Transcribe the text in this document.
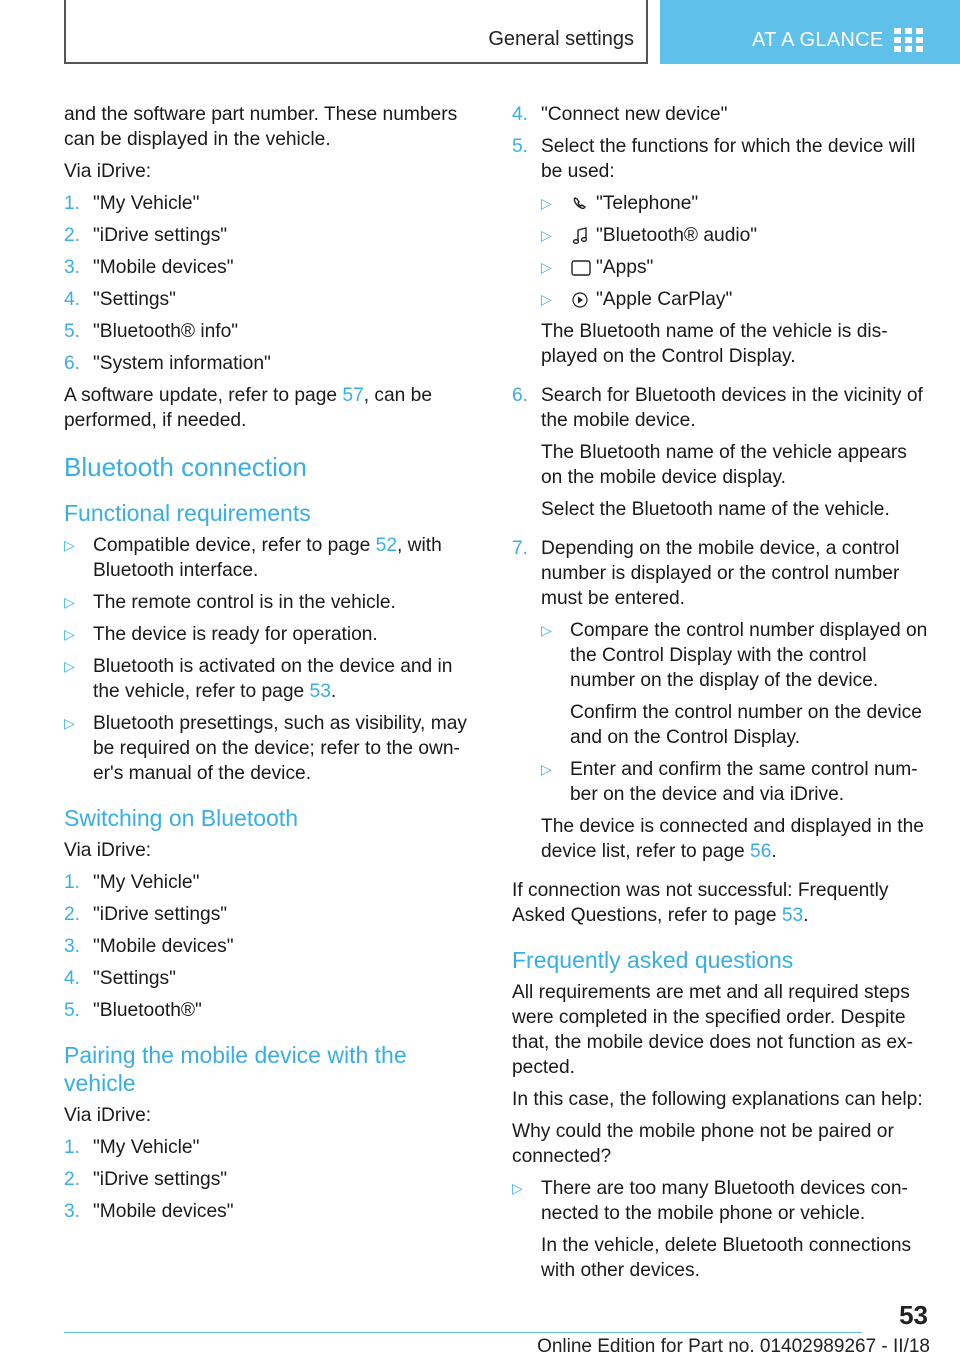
General settings	AT A GLANCE

and the software part number. These numbers can be displayed in the vehicle.

Via iDrive:

1. "My Vehicle"
2. "iDrive settings"
3. "Mobile devices"
4. "Settings"
5. "Bluetooth® info"
6. "System information"

A software update, refer to page 57, can be performed, if needed.

Bluetooth connection
Functional requirements
▷ Compatible device, refer to page 52, with Bluetooth interface.
▷ The remote control is in the vehicle.
▷ The device is ready for operation.
▷ Bluetooth is activated on the device and in the vehicle, refer to page 53.
▷ Bluetooth presettings, such as visibility, may be required on the device; refer to the own-er's manual of the device.
Switching on Bluetooth

Via iDrive:

1. "My Vehicle"
2. "iDrive settings"
3. "Mobile devices"
4. "Settings"
5. "Bluetooth®"
Pairing the mobile device with the vehicle

Via iDrive:

1. "My Vehicle"
2. "iDrive settings"
3. "Mobile devices"
4. "Connect new device"
5. Select the functions for which the device will be used:

▷	"Telephone"
▷	"Bluetooth® audio"
▷	"Apps"
▷	"Apple CarPlay"

The Bluetooth name of the vehicle is dis-played on the Control Display.

6. Search for Bluetooth devices in the vicinity of the mobile device.

The Bluetooth name of the vehicle appears on the mobile device display.

Select the Bluetooth name of the vehicle.

7. Depending on the mobile device, a control number is displayed or the control number must be entered.

▷ Compare the control number displayed on the Control Display with the control number on the display of the device.

Confirm the control number on the device and on the Control Display.

▷ Enter and confirm the same control num-ber on the device and via iDrive.

The device is connected and displayed in the device list, refer to page 56.

If connection was not successful: Frequently Asked Questions, refer to page 53.

Frequently asked questions

All requirements are met and all required steps were completed in the specified order. Despite that, the mobile device does not function as ex-pected.

In this case, the following explanations can help:

Why could the mobile phone not be paired or connected?

▷ There are too many Bluetooth devices con-nected to the mobile phone or vehicle.

In the vehicle, delete Bluetooth connections with other devices.

53
Online Edition for Part no. 01402989267 - II/18
